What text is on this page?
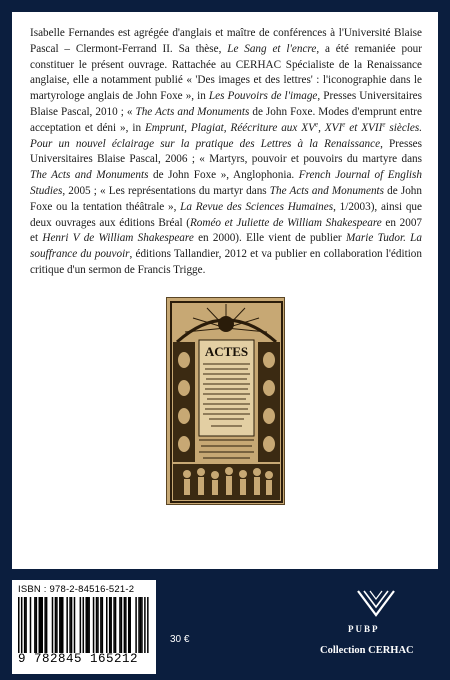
Isabelle Fernandes est agrégée d'anglais et maître de conférences à l'Université Blaise Pascal – Clermont-Ferrand II. Sa thèse, Le Sang et l'encre, a été remaniée pour constituer le présent ouvrage. Rattachée au CERHAC Spécialiste de la Renaissance anglaise, elle a notamment publié « 'Des images et des lettres' : l'iconographie dans le martyrologe anglais de John Foxe », in Les Pouvoirs de l'image, Presses Universitaires Blaise Pascal, 2010 ; « The Acts and Monuments de John Foxe. Modes d'emprunt entre acceptation et déni », in Emprunt, Plagiat, Réécriture aux XVe, XVIe et XVIIe siècles. Pour un nouvel éclairage sur la pratique des Lettres à la Renaissance, Presses Universitaires Blaise Pascal, 2006 ; « Martyrs, pouvoir et pouvoirs du martyre dans The Acts and Monuments de John Foxe », Anglophonia. French Journal of English Studies, 2005 ; « Les représentations du martyr dans The Acts and Monuments de John Foxe ou la tentation théâtrale », La Revue des Sciences Humaines, 1/2003), ainsi que deux ouvrages aux éditions Bréal (Roméo et Juliette de William Shakespeare en 2007 et Henri V de William Shakespeare en 2000). Elle vient de publier Marie Tudor. La souffrance du pouvoir, éditions Tallandier, 2012 et va publier en collaboration l'édition critique d'un sermon de Francis Trigge.

ACTES
ISBN : 978-2-84516-521-2
9 782845 165212
30 €
PUBP
Collection CERHAC
